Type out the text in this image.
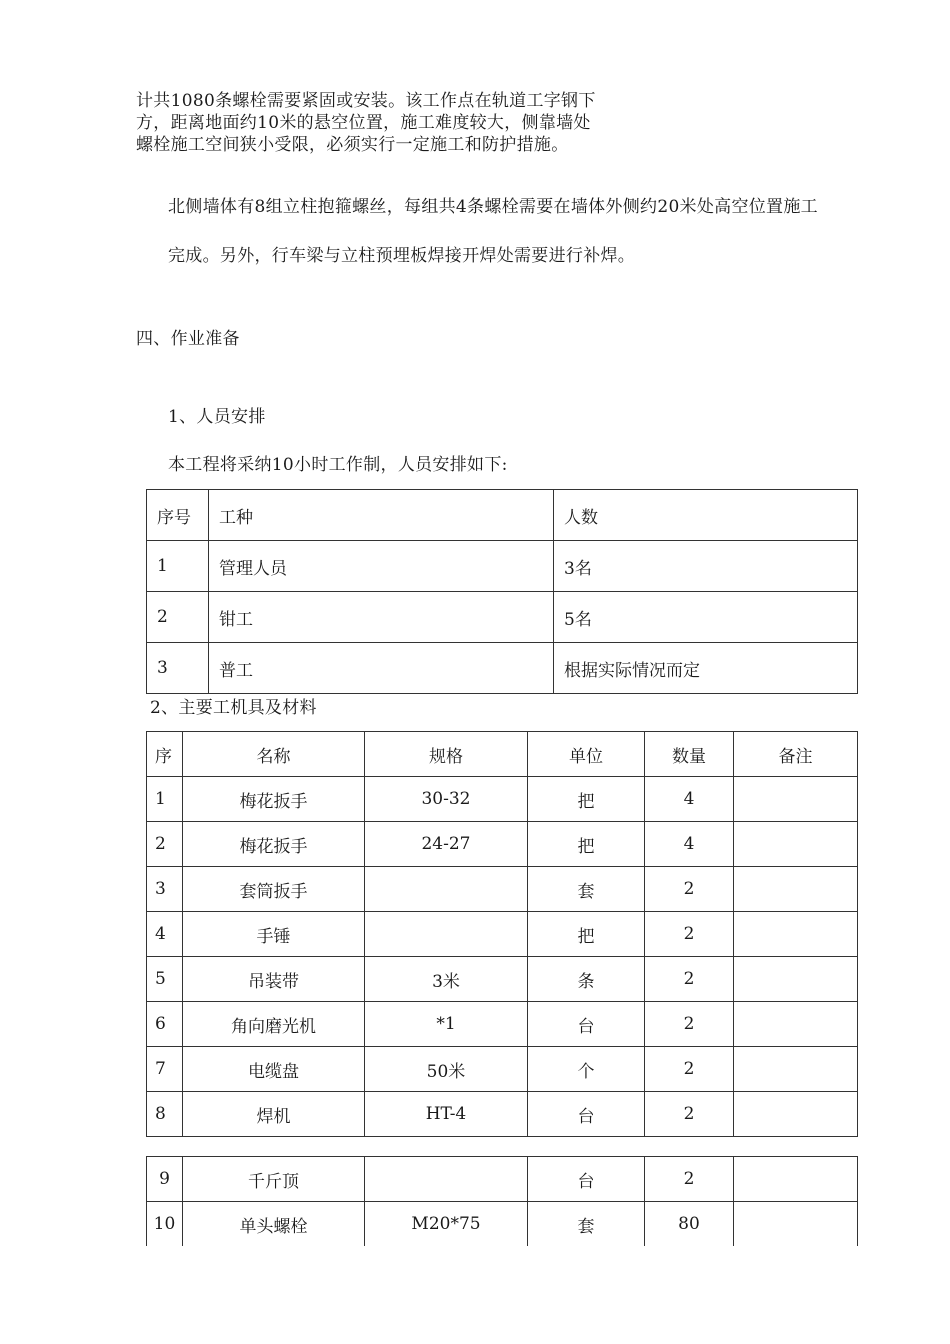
计共1080条螺栓需要紧固或安装。该工作点在轨道工字钢下方，距离地面约10米的悬空位置，施工难度较大，侧靠墙处螺栓施工空间狭小受限，必须实行一定施工和防护措施。
北侧墙体有8组立柱抱箍螺丝，每组共4条螺栓需要在墙体外侧约20米处高空位置施工
完成。另外，行车梁与立柱预埋板焊接开焊处需要进行补焊。
四、作业准备
1、人员安排
本工程将采纳10小时工作制，人员安排如下:
序号	工种	人数
1	管理人员	3名
2	钳工	5名
3	普工	根据实际情况而定
2、主要工机具及材料
序	名称	规格	单位	数量	备注
1	梅花扳手	30-32	把	4	
2	梅花扳手	24-27	把	4	
3	套筒扳手		套	2	
4	手锤		把	2	
5	吊装带	3米	条	2	
6	角向磨光机	*1	台	2	
7	电缆盘	50米	个	2	
8	焊机	HT-4	台	2	
9	千斤顶		台	2	
10	单头螺栓	M20*75	套	80	
